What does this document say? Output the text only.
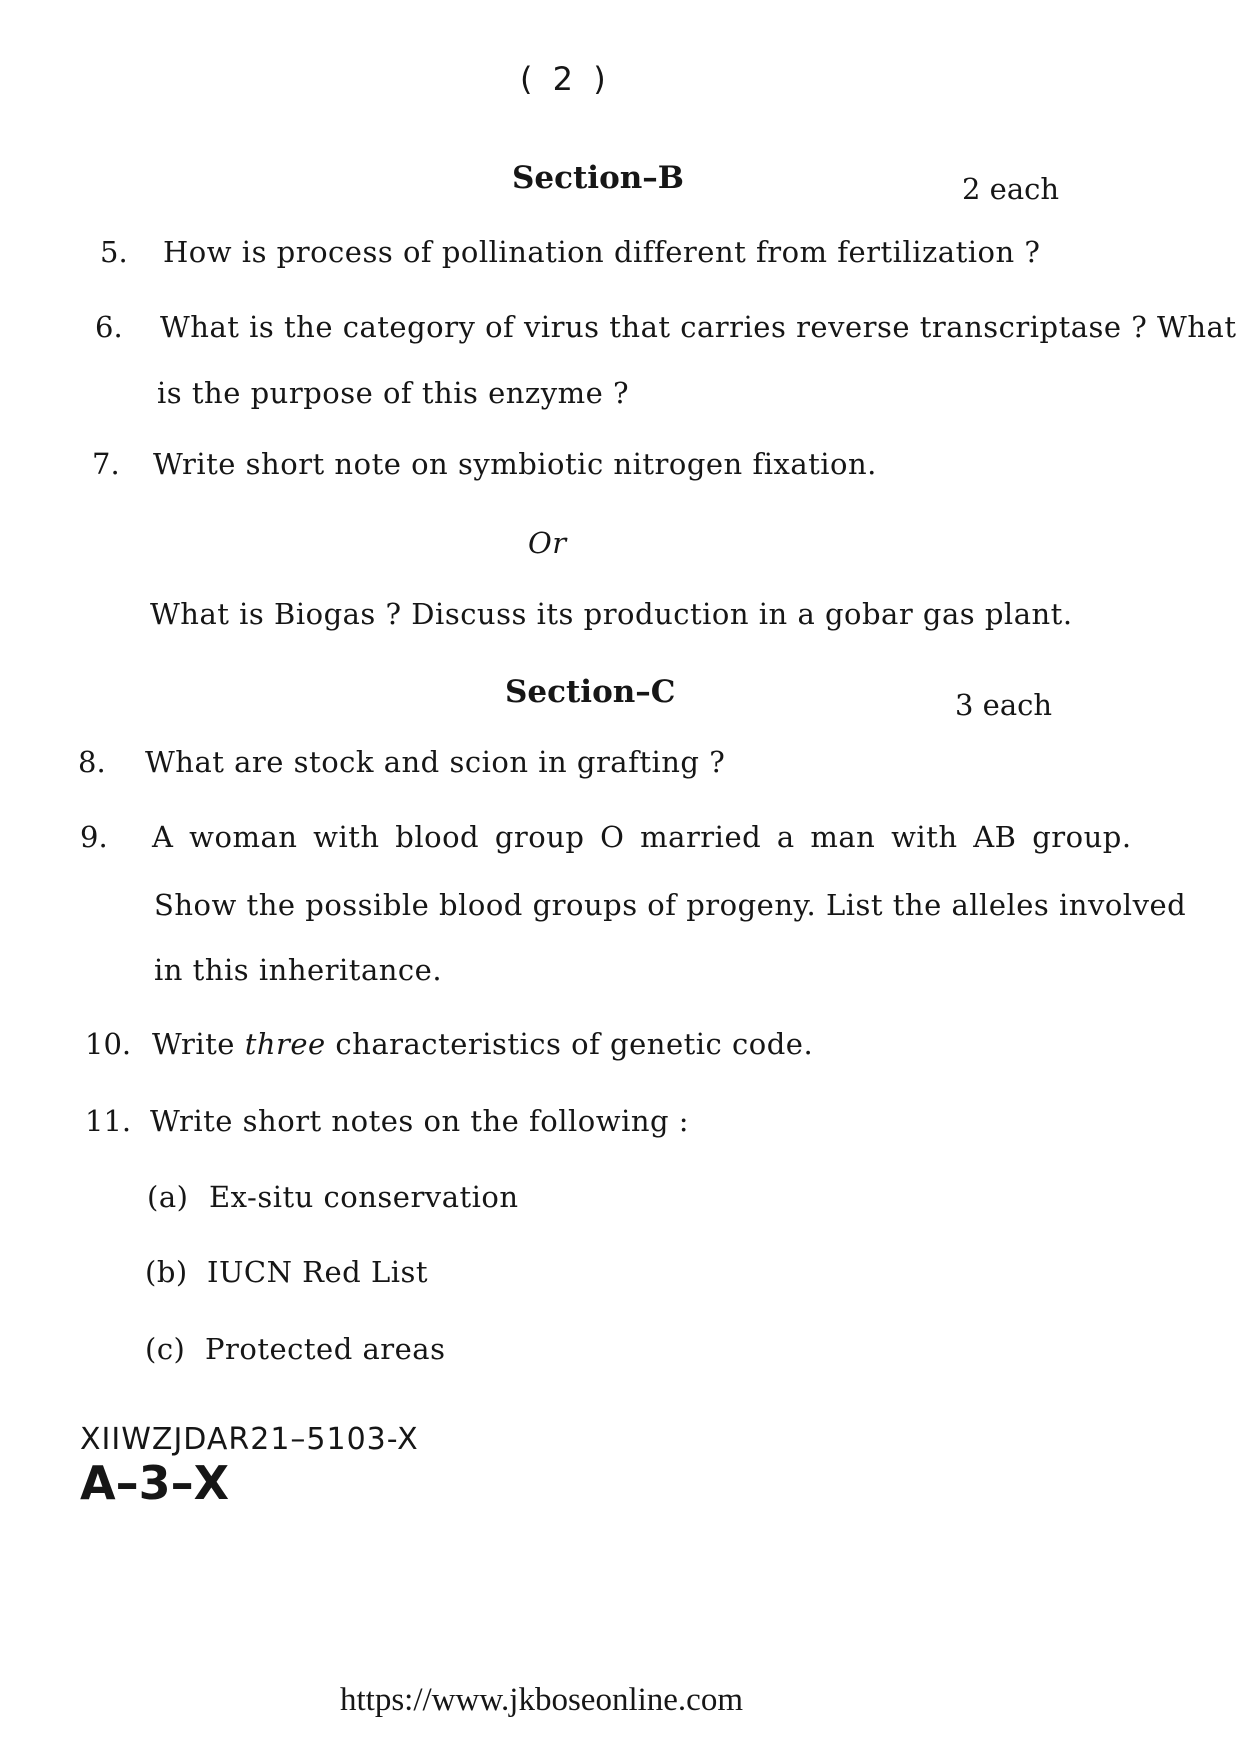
( 2 )
Section–B	2 each
5. How is process of pollination different from fertilization ?
6. What is the category of virus that carries reverse transcriptase ? What
is the purpose of this enzyme ?
7. Write short note on symbiotic nitrogen fixation.
Or
What is Biogas ? Discuss its production in a gobar gas plant.
Section–C	3 each
8. What are stock and scion in grafting ?
9. A woman with blood group O married a man with AB group.
Show the possible blood groups of progeny. List the alleles involved
in this inheritance.
10. Write three characteristics of genetic code.
11. Write short notes on the following :
(a) Ex-situ conservation
(b) IUCN Red List
(c) Protected areas
XIIWZJDAR21–5103-X
A–3–X
https://www.jkboseonline.com
